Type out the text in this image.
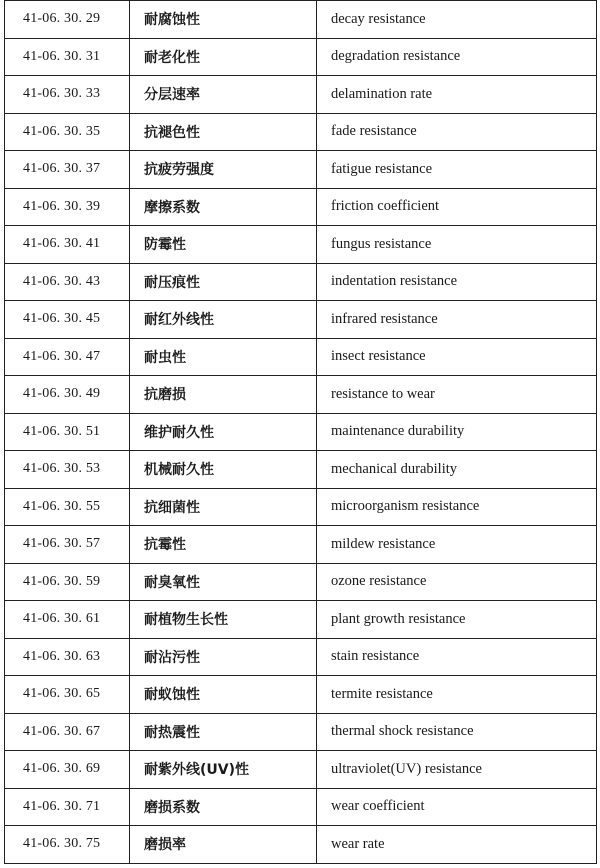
41-06. 30. 29	耐腐蚀性	decay resistance
41-06. 30. 31	耐老化性	degradation resistance
41-06. 30. 33	分层速率	delamination rate
41-06. 30. 35	抗褪色性	fade resistance
41-06. 30. 37	抗疲劳强度	fatigue resistance
41-06. 30. 39	摩擦系数	friction coefficient
41-06. 30. 41	防霉性	fungus resistance
41-06. 30. 43	耐压痕性	indentation resistance
41-06. 30. 45	耐红外线性	infrared resistance
41-06. 30. 47	耐虫性	insect resistance
41-06. 30. 49	抗磨损	resistance to wear
41-06. 30. 51	维护耐久性	maintenance durability
41-06. 30. 53	机械耐久性	mechanical durability
41-06. 30. 55	抗细菌性	microorganism resistance
41-06. 30. 57	抗霉性	mildew resistance
41-06. 30. 59	耐臭氧性	ozone resistance
41-06. 30. 61	耐植物生长性	plant growth resistance
41-06. 30. 63	耐沾污性	stain resistance
41-06. 30. 65	耐蚁蚀性	termite resistance
41-06. 30. 67	耐热震性	thermal shock resistance
41-06. 30. 69	耐紫外线(UV)性	ultraviolet(UV) resistance
41-06. 30. 71	磨损系数	wear coefficient
41-06. 30. 75	磨损率	wear rate
